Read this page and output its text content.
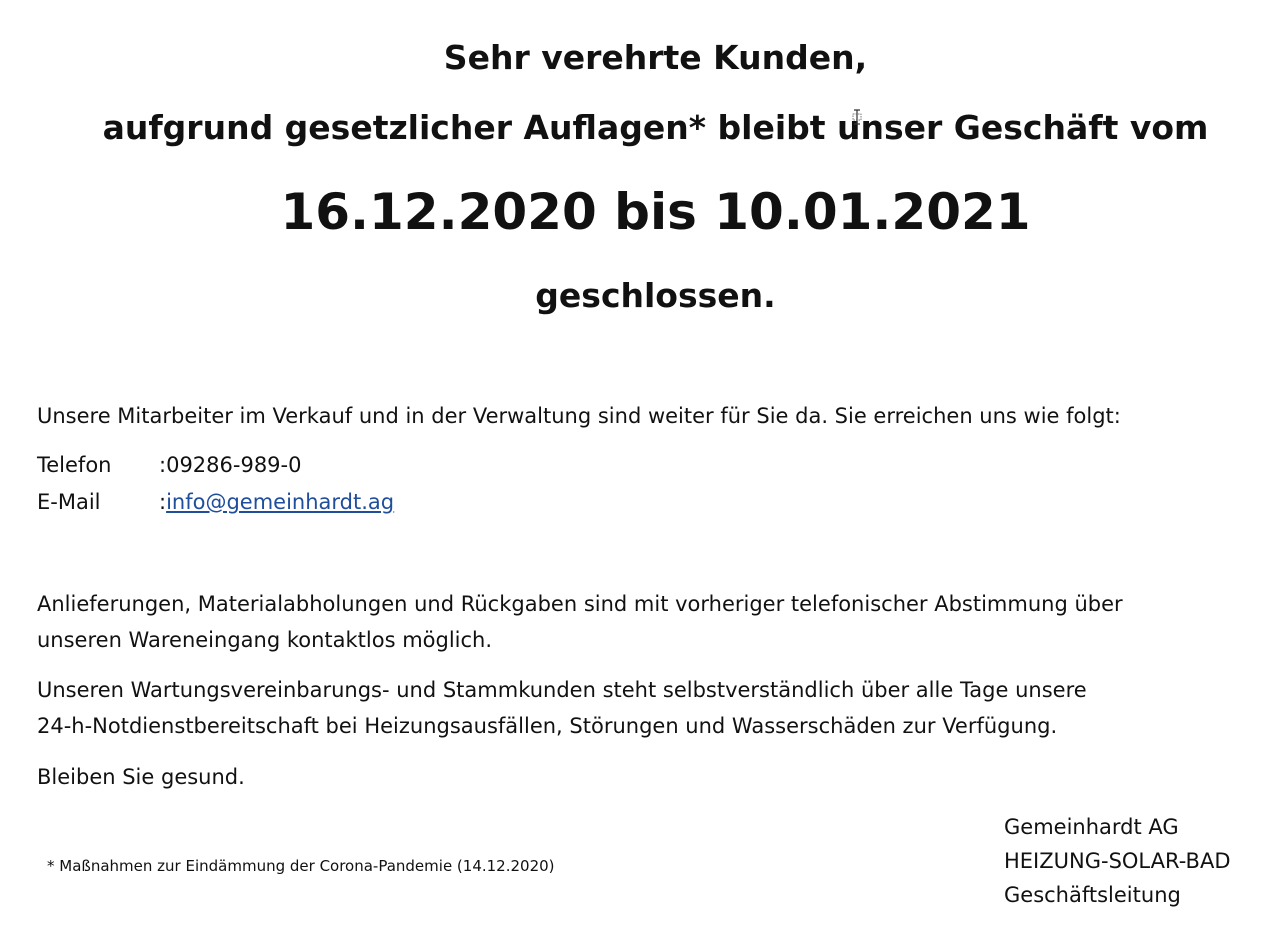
Sehr verehrte Kunden,

aufgrund gesetzlicher Auflagen* bleibt unser Geschäft vom

16.12.2020 bis 10.01.2021

geschlossen.

Unsere Mitarbeiter im Verkauf und in der Verwaltung sind weiter für Sie da. Sie erreichen uns wie folgt:

Telefon :09286-989-0
E-Mail	:info@gemeinhardt.ag
Anlieferungen, Materialabholungen und Rückgaben sind mit vorheriger telefonischer Abstimmung über
unseren Wareneingang kontaktlos möglich.
Unseren Wartungsvereinbarungs- und Stammkunden steht selbstverständlich über alle Tage unsere
24-h-Notdienstbereitschaft bei Heizungsausfällen, Störungen und Wasserschäden zur Verfügung.

Bleiben Sie gesund.

* Maßnahmen zur Eindämmung der Corona-Pandemie (14.12.2020)
Gemeinhardt AG
HEIZUNG-SOLAR-BAD
Geschäftsleitung
